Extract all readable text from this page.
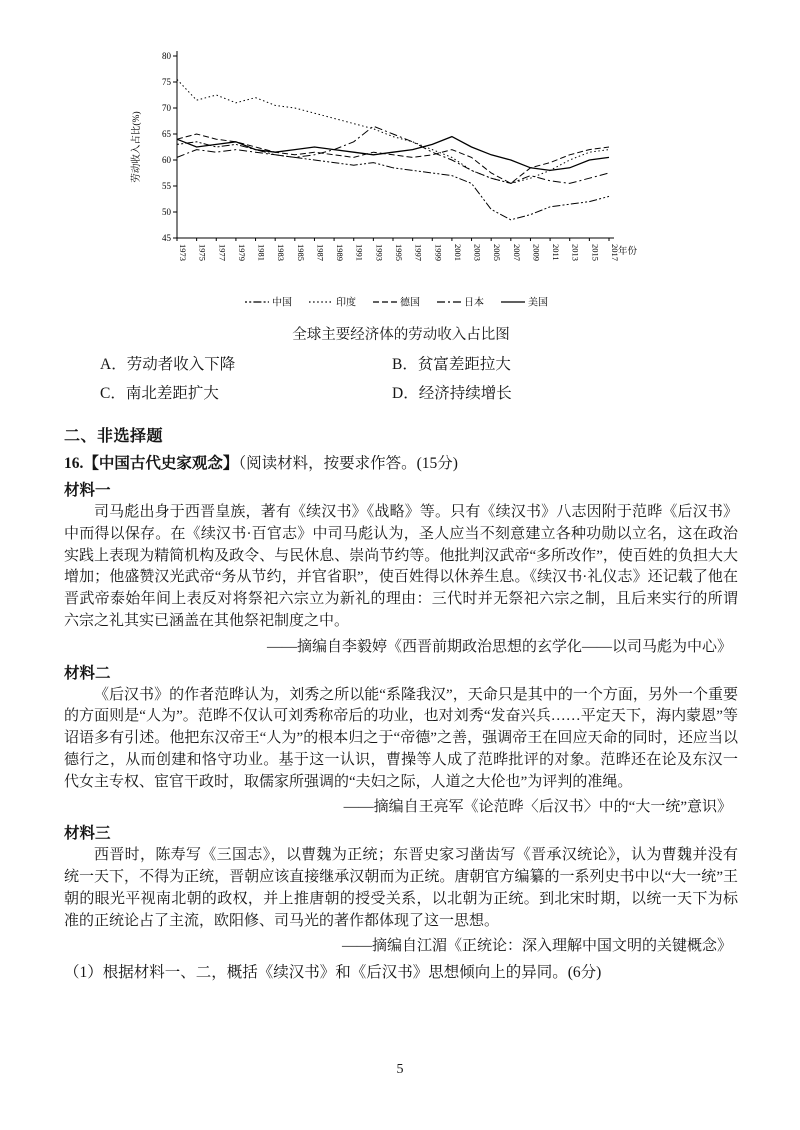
45
50
55
60
65
70
75
80
1973 1975 1977 1979 1981 1983 1985 1987 1989 1991 1993 1995 1997 1999 2001 2003 2005 2007 2009 2011 2013 2015 2017
年份
劳动收入占比(%)
中国	印度	德国	日本	美国
全球主要经济体的劳动收入占比图
A．劳动者收入下降	B．贫富差距拉大
C．南北差距扩大	D．经济持续增长
二、非选择题
16.【中国古代史家观念】（阅读材料，按要求作答。(15分)
材料一

司马彪出身于西晋皇族，著有《续汉书》《战略》等。只有《续汉书》八志因附于范晔《后汉书》中而得以保存。在《续汉书·百官志》中司马彪认为，圣人应当不刻意建立各种功勋以立名，这在政治实践上表现为精简机构及政令、与民休息、崇尚节约等。他批判汉武帝“多所改作”，使百姓的负担大大增加；他盛赞汉光武帝“务从节约，并官省职”，使百姓得以休养生息。《续汉书·礼仪志》还记载了他在晋武帝泰始年间上表反对将祭祀六宗立为新礼的理由：三代时并无祭祀六宗之制，且后来实行的所谓六宗之礼其实已涵盖在其他祭祀制度之中。

——摘编自李毅婷《西晋前期政治思想的玄学化——以司马彪为中心》
材料二

《后汉书》的作者范晔认为，刘秀之所以能“系隆我汉”，天命只是其中的一个方面，另外一个重要的方面则是“人为”。范晔不仅认可刘秀称帝后的功业，也对刘秀“发奋兴兵……平定天下，海内蒙恩”等诏语多有引述。他把东汉帝王“人为”的根本归之于“帝德”之善，强调帝王在回应天命的同时，还应当以德行之，从而创建和恪守功业。基于这一认识，曹操等人成了范晔批评的对象。范晔还在论及东汉一代女主专权、宦官干政时，取儒家所强调的“夫妇之际，人道之大伦也”为评判的准绳。

——摘编自王亮军《论范晔〈后汉书〉中的“大一统”意识》
材料三

西晋时，陈寿写《三国志》，以曹魏为正统；东晋史家习凿齿写《晋承汉统论》，认为曹魏并没有统一天下，不得为正统，晋朝应该直接继承汉朝而为正统。唐朝官方编纂的一系列史书中以“大一统”王朝的眼光平视南北朝的政权，并上推唐朝的授受关系，以北朝为正统。到北宋时期，以统一天下为标准的正统论占了主流，欧阳修、司马光的著作都体现了这一思想。

——摘编自江湄《正统论：深入理解中国文明的关键概念》
（1）根据材料一、二，概括《续汉书》和《后汉书》思想倾向上的异同。(6分)
5
